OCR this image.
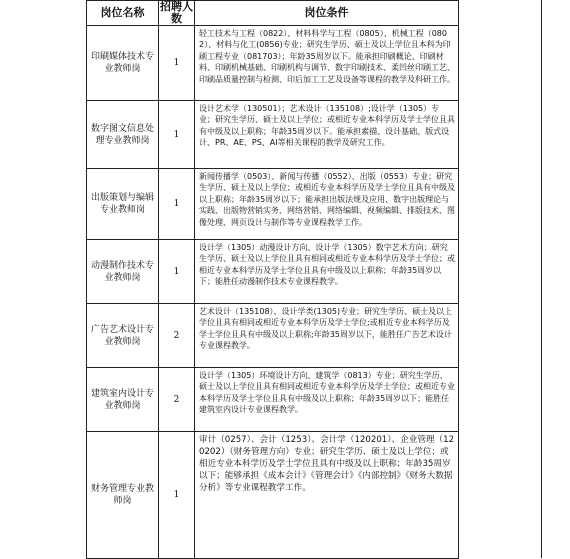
岗位名称	招聘人数	岗位条件
印刷媒体技术专业教师岗	1	轻工技术与工程（0822）、材料科学与工程（0805）、机械工程（0802）、材料与化工(0856)专业；研究生学历、硕士及以上学位且本科为印刷工程专业（081703）；年龄35周岁以下。能承担印刷概论、印刷材料、印刷机械基础、印刷机构与调节、数字印刷技术、柔凹丝印刷工艺、印刷品质量控制与检测、印后加工工艺及设备等课程的教学及科研工作。
数字图文信息处理专业教师岗	1	设计艺术学（130501）；艺术设计（135108）;设计学（1305）专业；研究生学历、硕士及以上学位；或相近专业本科学历及学士学位且具有中级及以上职称；年龄35周岁以下。能承担素描、设计基础、版式设计、PR、AE、PS、AI等相关课程的教学及研究工作。
出版策划与编辑专业教师岗	1	新闻传播学（0503）、新闻与传播（0552）、出版（0553）专业；研究生学历、硕士及以上学位；或相近专业本科学历及学士学位且具有中级及以上职称；年龄35周岁以下；能承担出版法规及应用、数字出版理论与实践、出版物营销实务、网络营销、网络编辑、视频编辑、排版技术、图像处理、网页设计与制作等专业课程教学工作。
动漫制作技术专业教师岗	1	设计学（1305）动漫设计方向、设计学（1305）数字艺术方向；研究生学历、硕士及以上学位且具有相同或相近专业本科学历及学士学位；或相近专业本科学历及学士学位且具有中级及以上职称；年龄35周岁以下；能胜任动漫制作技术专业课程教学。
广告艺术设计专业教师岗	2	艺术设计（135108）、设计学类(1305)专业；研究生学历、硕士及以上学位且具有相同或相近专业本科学历及学士学位;或相近专业本科学历及学士学位且具有中级及以上职称;年龄35周岁以下，能胜任广告艺术设计专业课程教学。
建筑室内设计专业教师岗	2	设计学（1305）环境设计方向、建筑学（0813）专业；研究生学历、硕士及以上学位且具有相同或相近专业本科学历及学士学位；或相近专业本科学历及学士学位且具有中级及以上职称；年龄35周岁以下；能胜任建筑室内设计专业课程教学。
财务管理专业教师岗	1	审计（0257）、会计（1253）、会计学（120201）、企业管理（120202）（财务管理方向）专业；研究生学历、硕士及以上学位；或相近专业本科学历及学士学位且具有中级及以上职称；年龄35周岁以下；能够承担《成本会计》《管理会计》《内部控制》《财务大数据分析》等专业课程教学工作。
